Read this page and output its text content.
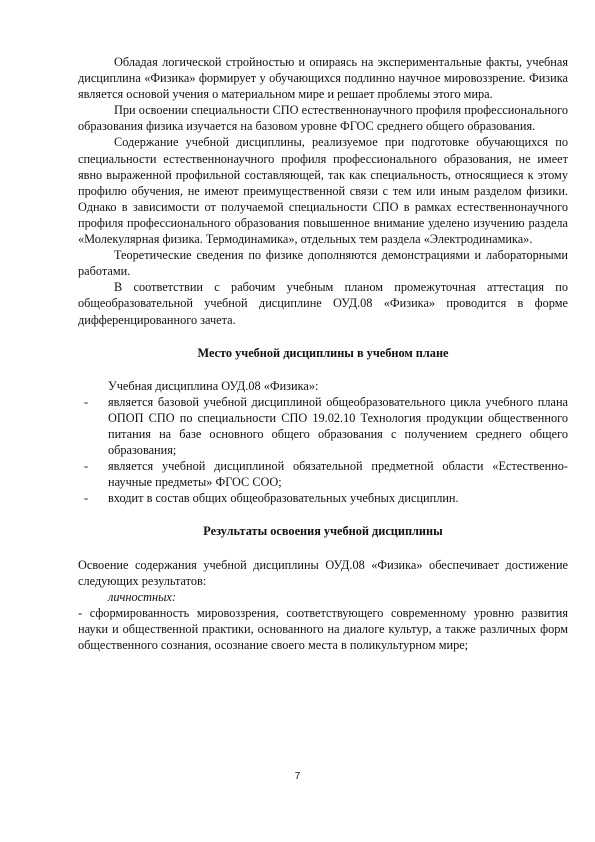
Обладая логической стройностью и опираясь на экспериментальные факты, учебная дисциплина «Физика» формирует у обучающихся подлинно научное мировоззрение. Физика является основой учения о материальном мире и решает проблемы этого мира.

При освоении специальности СПО естественнонаучного профиля профессионального образования физика изучается на базовом уровне ФГОС среднего общего образования.

Содержание учебной дисциплины, реализуемое при подготовке обучающихся по специальности естественнонаучного профиля профессионального образования, не имеет явно выраженной профильной составляющей, так как специальность, относящиеся к этому профилю обучения, не имеют преимущественной связи с тем или иным разделом физики. Однако в зависимости от получаемой специальности СПО в рамках естественнонаучного профиля профессионального образования повышенное внимание уделено изучению раздела «Молекулярная физика. Термодинамика», отдельных тем раздела «Электродинамика».

Теоретические сведения по физике дополняются демонстрациями и лабораторными работами.

В соответствии с рабочим учебным планом промежуточная аттестация по общеобразовательной учебной дисциплине ОУД.08 «Физика» проводится в форме дифференцированного зачета.

Место учебной дисциплины в учебном плане

Учебная дисциплина ОУД.08 «Физика»:

- является базовой учебной дисциплиной общеобразовательного цикла учебного плана ОПОП СПО по специальности СПО 19.02.10 Технология продукции общественного питания на базе основного общего образования с получением среднего общего образования;
- является учебной дисциплиной обязательной предметной области «Естественно-научные предметы» ФГОС СОО;
- входит в состав общих общеобразовательных учебных дисциплин.

Результаты освоения учебной дисциплины

Освоение содержания учебной дисциплины ОУД.08 «Физика» обеспечивает достижение следующих результатов:

личностных:

- сформированность мировоззрения, соответствующего современному уровню развития науки и общественной практики, основанного на диалоге культур, а также различных форм общественного сознания, осознание своего места в поликультурном мире;

7
